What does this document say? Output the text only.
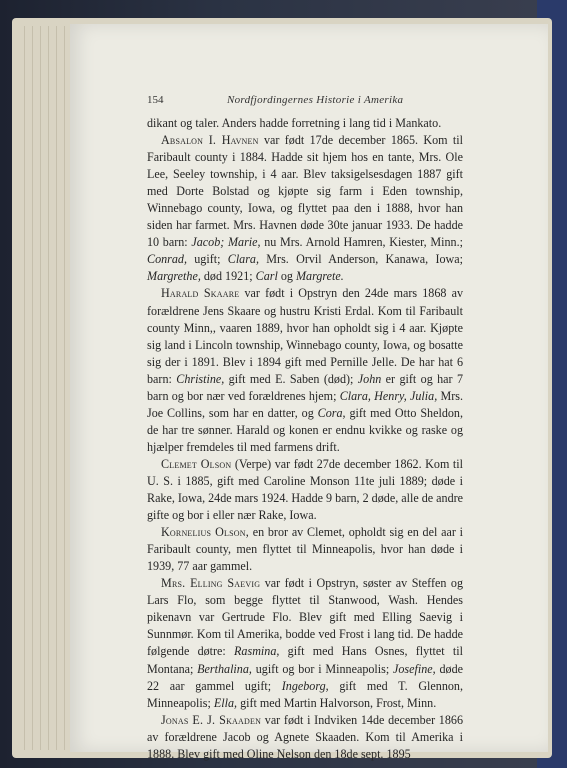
154	Nordfjordingernes Historie i Amerika

dikant og taler. Anders hadde forretning i lang tid i Mankato.

Absalon I. Havnen var født 17de december 1865. Kom til Faribault county i 1884. Hadde sit hjem hos en tante, Mrs. Ole Lee, Seeley township, i 4 aar. Blev taksigelsesdagen 1887 gift med Dorte Bolstad og kjøpte sig farm i Eden township, Winnebago county, Iowa, og flyttet paa den i 1888, hvor han siden har farmet. Mrs. Havnen døde 30te januar 1933. De hadde 10 barn: Jacob; Marie, nu Mrs. Arnold Hamren, Kiester, Minn.; Conrad, ugift; Clara, Mrs. Orvil Anderson, Kanawa, Iowa; Margrethe, død 1921; Carl og Margrete.

Harald Skaare var født i Opstryn den 24de mars 1868 av forældrene Jens Skaare og hustru Kristi Erdal. Kom til Faribault county Minn,, vaaren 1889, hvor han opholdt sig i 4 aar. Kjøpte sig land i Lincoln township, Winnebago county, Iowa, og bosatte sig der i 1891. Blev i 1894 gift med Pernille Jelle. De har hat 6 barn: Christine, gift med E. Saben (død); John er gift og har 7 barn og bor nær ved forældrenes hjem; Clara, Henry, Julia, Mrs. Joe Collins, som har en datter, og Cora, gift med Otto Sheldon, de har tre sønner. Harald og konen er endnu kvikke og raske og hjælper fremdeles til med farmens drift.

Clemet Olson (Verpe) var født 27de december 1862. Kom til U. S. i 1885, gift med Caroline Monson 11te juli 1889; døde i Rake, Iowa, 24de mars 1924. Hadde 9 barn, 2 døde, alle de andre gifte og bor i eller nær Rake, Iowa.

Kornelius Olson, en bror av Clemet, opholdt sig en del aar i Faribault county, men flyttet til Minneapolis, hvor han døde i 1939, 77 aar gammel.

Mrs. Elling Saevig var født i Opstryn, søster av Steffen og Lars Flo, som begge flyttet til Stanwood, Wash. Hendes pikenavn var Gertrude Flo. Blev gift med Elling Saevig i Sunnmør. Kom til Amerika, bodde ved Frost i lang tid. De hadde følgende døtre: Rasmina, gift med Hans Osnes, flyttet til Montana; Berthalina, ugift og bor i Minneapolis; Josefine, døde 22 aar gammel ugift; Ingeborg, gift med T. Glennon, Minneapolis; Ella, gift med Martin Halvorson, Frost, Minn.

Jonas E. J. Skaaden var født i Indviken 14de december 1866 av forældrene Jacob og Agnete Skaaden. Kom til Amerika i 1888. Blev gift med Oline Nelson den 18de sept. 1895
